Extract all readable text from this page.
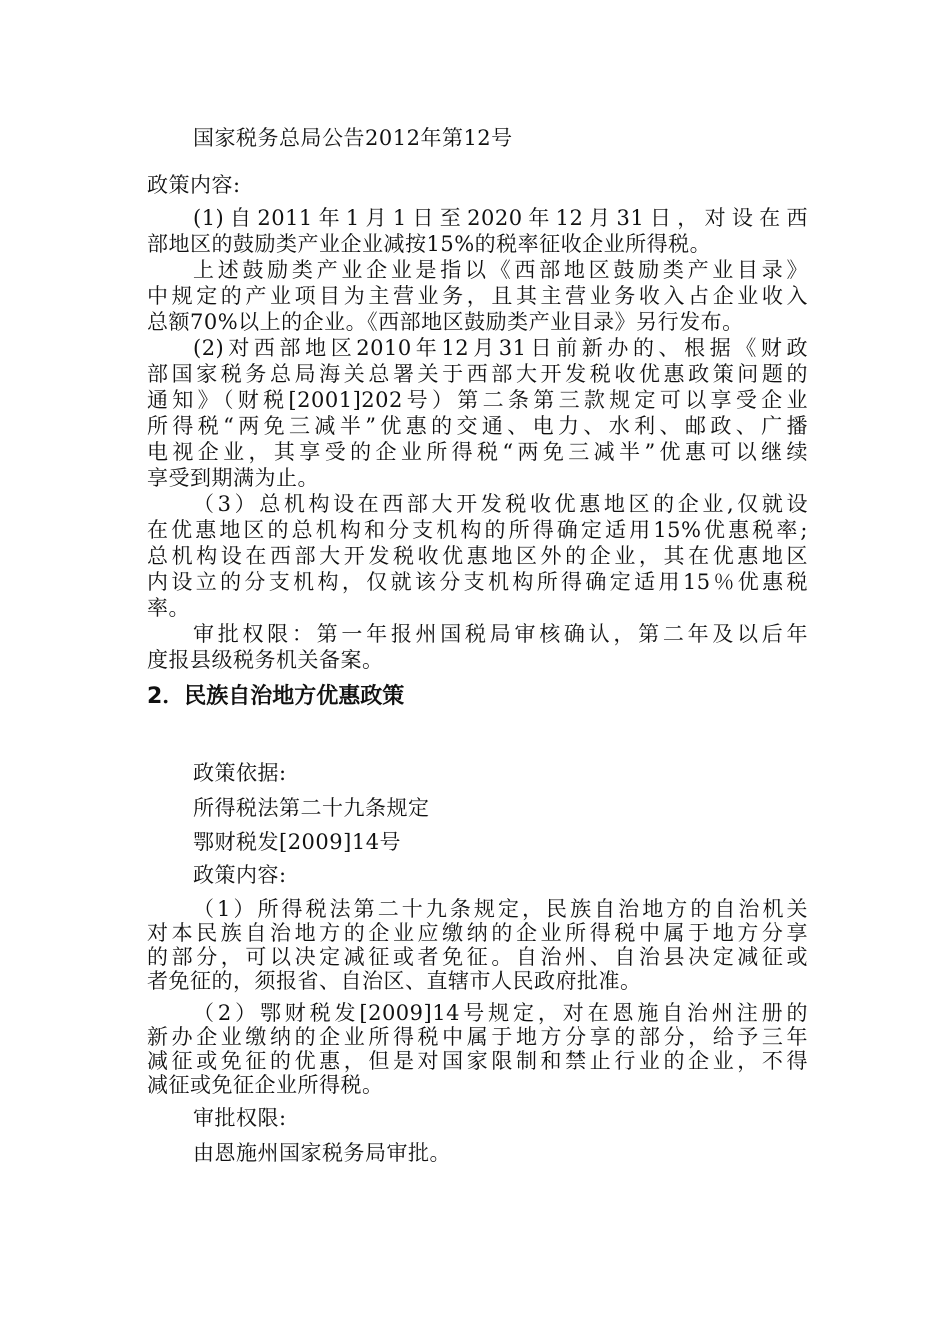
国家税务总局公告2012年第12号
政策内容:
(1)自2011年1月1日至2020年12月31日，对设在西
部地区的鼓励类产业企业减按15%的税率征收企业所得税。
上述鼓励类产业企业是指以《西部地区鼓励类产业目录》
中规定的产业项目为主营业务，且其主营业务收入占企业收入
总额70%以上的企业。《西部地区鼓励类产业目录》另行发布。
(2)对西部地区2010年12月31日前新办的、根据《财政
部国家税务总局海关总署关于西部大开发税收优惠政策问题的
通知》（财税[2001]202号）第二条第三款规定可以享受企业
所得税“两免三减半”优惠的交通、电力、水利、邮政、广播
电视企业，其享受的企业所得税“两免三减半”优惠可以继续
享受到期满为止。
（3）总机构设在西部大开发税收优惠地区的企业,仅就设
在优惠地区的总机构和分支机构的所得确定适用15%优惠税率;
总机构设在西部大开发税收优惠地区外的企业，其在优惠地区
内设立的分支机构，仅就该分支机构所得确定适用15％优惠税
率。
审批权限：第一年报州国税局审核确认，第二年及以后年
度报县级税务机关备案。
2．民族自治地方优惠政策
政策依据:
所得税法第二十九条规定
鄂财税发[2009]14号
政策内容:
（1）所得税法第二十九条规定，民族自治地方的自治机关
对本民族自治地方的企业应缴纳的企业所得税中属于地方分享
的部分，可以决定减征或者免征。自治州、自治县决定减征或
者免征的，须报省、自治区、直辖市人民政府批准。
（2）鄂财税发[2009]14号规定，对在恩施自治州注册的
新办企业缴纳的企业所得税中属于地方分享的部分，给予三年
减征或免征的优惠，但是对国家限制和禁止行业的企业，不得
减征或免征企业所得税。
审批权限:
由恩施州国家税务局审批。
